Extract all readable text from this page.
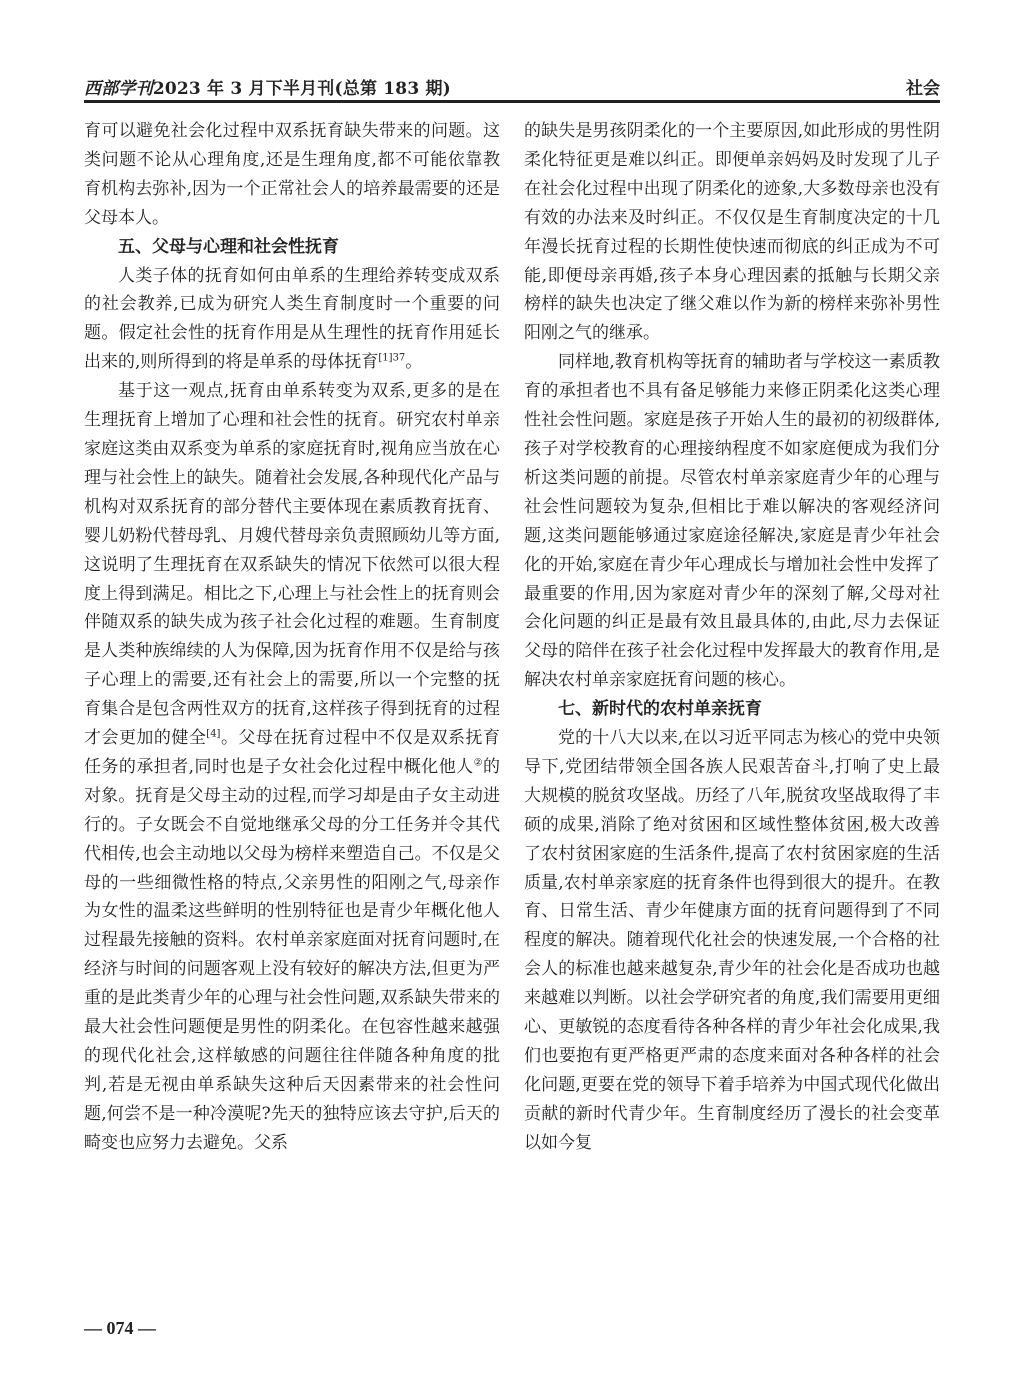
西部学刊2023 年 3 月下半月刊(总第 183 期)	社会

育可以避免社会化过程中双系抚育缺失带来的问题。这类问题不论从心理角度,还是生理角度,都不可能依靠教育机构去弥补,因为一个正常社会人的培养最需要的还是父母本人。

五、父母与心理和社会性抚育

人类子体的抚育如何由单系的生理给养转变成双系的社会教养,已成为研究人类生育制度时一个重要的问题。假定社会性的抚育作用是从生理性的抚育作用延长出来的,则所得到的将是单系的母体抚育$^{[1]37}$。

基于这一观点,抚育由单系转变为双系,更多的是在生理抚育上增加了心理和社会性的抚育。研究农村单亲家庭这类由双系变为单系的家庭抚育时,视角应当放在心理与社会性上的缺失。随着社会发展,各种现代化产品与机构对双系抚育的部分替代主要体现在素质教育抚育、婴儿奶粉代替母乳、月嫂代替母亲负责照顾幼儿等方面,这说明了生理抚育在双系缺失的情况下依然可以很大程度上得到满足。相比之下,心理上与社会性上的抚育则会伴随双系的缺失成为孩子社会化过程的难题。生育制度是人类种族绵续的人为保障,因为抚育作用不仅是给与孩子心理上的需要,还有社会上的需要,所以一个完整的抚育集合是包含两性双方的抚育,这样孩子得到抚育的过程才会更加的健全[4]。父母在抚育过程中不仅是双系抚育任务的承担者,同时也是子女社会化过程中概化他人②的对象。抚育是父母主动的过程,而学习却是由子女主动进行的。子女既会不自觉地继承父母的分工任务并令其代代相传,也会主动地以父母为榜样来塑造自己。不仅是父母的一些细微性格的特点,父亲男性的阳刚之气,母亲作为女性的温柔这些鲜明的性别特征也是青少年概化他人过程最先接触的资料。农村单亲家庭面对抚育问题时,在经济与时间的问题客观上没有较好的解决方法,但更为严重的是此类青少年的心理与社会性问题,双系缺失带来的最大社会性问题便是男性的阴柔化。在包容性越来越强的现代化社会,这样敏感的问题往往伴随各种角度的批判,若是无视由单系缺失这种后天因素带来的社会性问题,何尝不是一种冷漠呢?先天的独特应该去守护,后天的畸变也应努力去避免。父系

的缺失是男孩阴柔化的一个主要原因,如此形成的男性阴柔化特征更是难以纠正。即便单亲妈妈及时发现了儿子在社会化过程中出现了阴柔化的迹象,大多数母亲也没有有效的办法来及时纠正。不仅仅是生育制度决定的十几年漫长抚育过程的长期性使快速而彻底的纠正成为不可能,即便母亲再婚,孩子本身心理因素的抵触与长期父亲榜样的缺失也决定了继父难以作为新的榜样来弥补男性阳刚之气的继承。

同样地,教育机构等抚育的辅助者与学校这一素质教育的承担者也不具有备足够能力来修正阴柔化这类心理性社会性问题。家庭是孩子开始人生的最初的初级群体,孩子对学校教育的心理接纳程度不如家庭便成为我们分析这类问题的前提。尽管农村单亲家庭青少年的心理与社会性问题较为复杂,但相比于难以解决的客观经济问题,这类问题能够通过家庭途径解决,家庭是青少年社会化的开始,家庭在青少年心理成长与增加社会性中发挥了最重要的作用,因为家庭对青少年的深刻了解,父母对社会化问题的纠正是最有效且最具体的,由此,尽力去保证父母的陪伴在孩子社会化过程中发挥最大的教育作用,是解决农村单亲家庭抚育问题的核心。

七、新时代的农村单亲抚育

党的十八大以来,在以习近平同志为核心的党中央领导下,党团结带领全国各族人民艰苦奋斗,打响了史上最大规模的脱贫攻坚战。历经了八年,脱贫攻坚战取得了丰硕的成果,消除了绝对贫困和区域性整体贫困,极大改善了农村贫困家庭的生活条件,提高了农村贫困家庭的生活质量,农村单亲家庭的抚育条件也得到很大的提升。在教育、日常生活、青少年健康方面的抚育问题得到了不同程度的解决。随着现代化社会的快速发展,一个合格的社会人的标准也越来越复杂,青少年的社会化是否成功也越来越难以判断。以社会学研究者的角度,我们需要用更细心、更敏锐的态度看待各种各样的青少年社会化成果,我们也要抱有更严格更严肃的态度来面对各种各样的社会化问题,更要在党的领导下着手培养为中国式现代化做出贡献的新时代青少年。生育制度经历了漫长的社会变革以如今复

— 074 —
